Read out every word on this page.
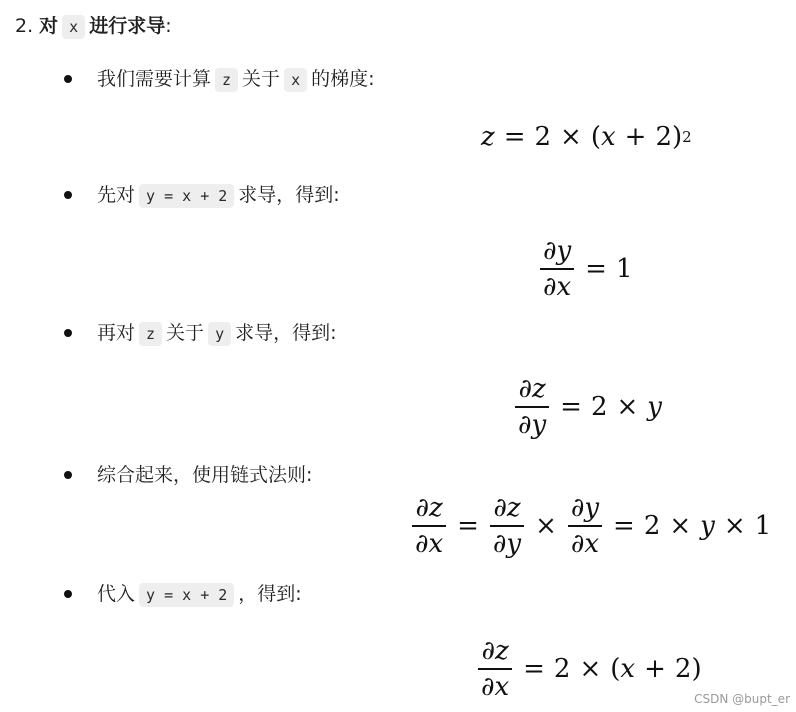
2. 对 x 进行求导:
我们需要计算 z 关于 x 的梯度:
z = 2 × ( x + 2 ) 2
先对 y = x + 2 求导，得到:
$\frac{\partial y}{\partial x} = 1$
再对 z 关于 y 求导，得到:
$\frac{\partial z}{\partial y} = 2 \times y$
综合起来，使用链式法则:
$\frac{\partial z}{\partial x} = \frac{\partial z}{\partial y} \times \frac{\partial y}{\partial x} = 2 \times y \times 1$
代入 y = x + 2 ，得到:
$\frac{\partial z}{\partial x} = 2$ × ( x + 2 )
CSDN @bupt_er
